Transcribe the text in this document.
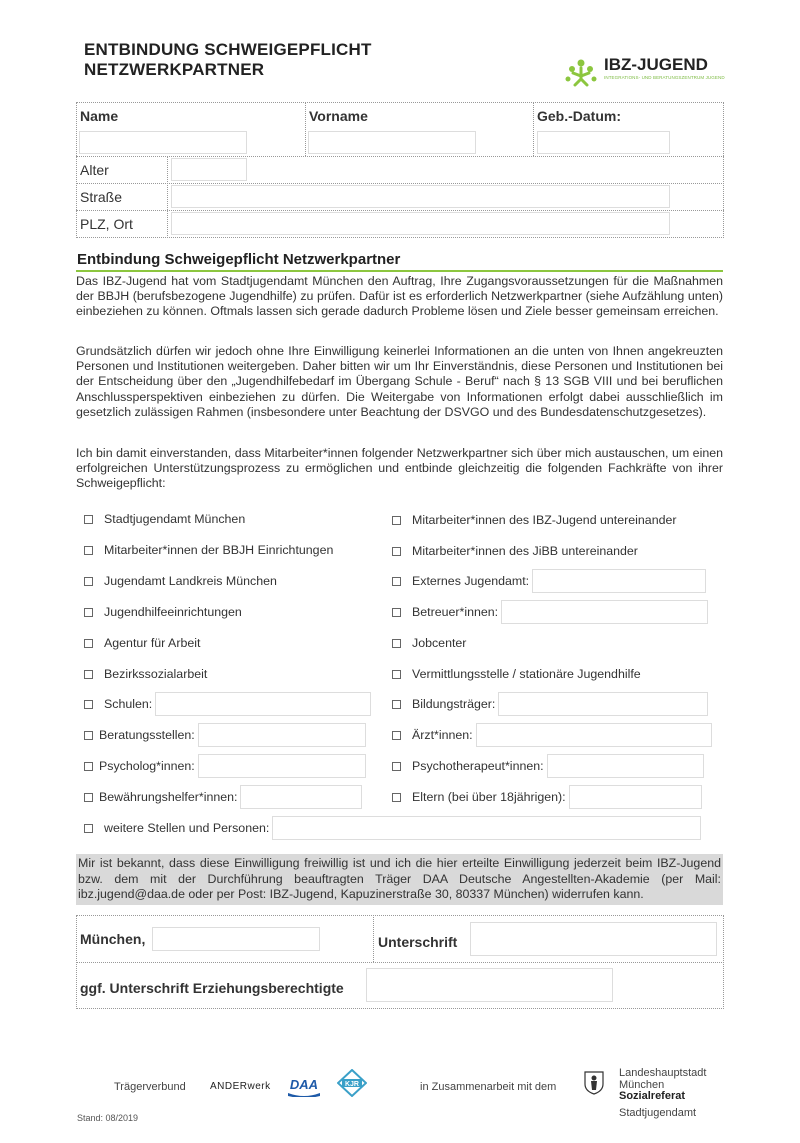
ENTBINDUNG SCHWEIGEPFLICHT
NETZWERKPARTNER	IBZ-JUGEND
INTEGRATIONS- UND BERATUNGSZENTRUM JUGEND
Name	Vorname	Geb.-Datum:
Alter
Straße
PLZ, Ort
Entbindung Schweigepflicht Netzwerkpartner
Das IBZ-Jugend hat vom Stadtjugendamt München den Auftrag, Ihre Zugangsvoraussetzungen für die Maßnahmen der BBJH (berufsbezogene Jugendhilfe) zu prüfen. Dafür ist es erforderlich Netzwerkpartner (siehe Aufzählung unten) einbeziehen zu können. Oftmals lassen sich gerade dadurch Probleme lösen und Ziele besser gemeinsam erreichen.
Grundsätzlich dürfen wir jedoch ohne Ihre Einwilligung keinerlei Informationen an die unten von Ihnen angekreuzten Personen und Institutionen weitergeben. Daher bitten wir um Ihr Einverständnis, diese Personen und Institutionen bei der Entscheidung über den „Jugendhilfebedarf im Übergang Schule - Beruf“ nach § 13 SGB VIII und bei beruflichen Anschlussperspektiven einbeziehen zu dürfen. Die Weitergabe von Informationen erfolgt dabei ausschließlich im gesetzlich zulässigen Rahmen (insbesondere unter Beachtung der DSVGO und des Bundesdatenschutzgesetzes).
Ich bin damit einverstanden, dass Mitarbeiter*innen folgender Netzwerkpartner sich über mich austauschen, um einen erfolgreichen Unterstützungsprozess zu ermöglichen und entbinde gleichzeitig die folgenden Fachkräfte von ihrer Schweigepflicht:
Stadtjugendamt München
Mitarbeiter*innen der BBJH Einrichtungen
Jugendamt Landkreis München
Jugendhilfeeinrichtungen
Agentur für Arbeit
Bezirkssozialarbeit
Schulen:
Beratungsstellen:
Psycholog*innen:
Bewährungshelfer*innen:
Mitarbeiter*innen des IBZ-Jugend untereinander
Mitarbeiter*innen des JiBB untereinander
Externes Jugendamt:
Betreuer*innen:
Jobcenter
Vermittlungsstelle / stationäre Jugendhilfe
Bildungsträger:
Ärzt*innen:
Psychotherapeut*innen:
Eltern (bei über 18jährigen):
weitere Stellen und Personen:
Mir ist bekannt, dass diese Einwilligung freiwillig ist und ich die hier erteilte Einwilligung jederzeit beim IBZ-Jugend bzw. dem mit der Durchführung beauftragten Träger DAA Deutsche Angestellten-Akademie (per Mail: ibz.jugend@daa.de oder per Post: IBZ-Jugend, Kapuzinerstraße 30, 80337 München) widerrufen kann.
München,	Unterschrift
ggf. Unterschrift Erziehungsberechtigte
Trägerverbund ANDERwerk DAA	KJR	in Zusammenarbeit mit dem
Landeshauptstadt
München
Sozialreferat
Stadtjugendamt
Stand: 08/2019
